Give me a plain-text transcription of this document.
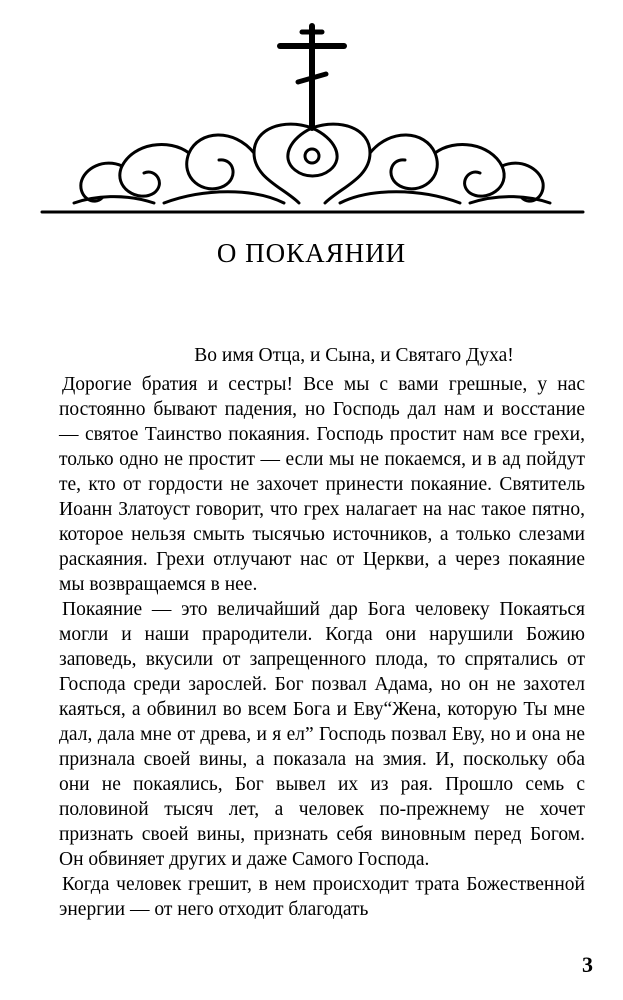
О ПОКАЯНИИ
Во имя Отца, и Сына, и Святаго Духа!

Дорогие братия и сестры! Все мы с вами грешные, у нас постоянно бывают падения, но Господь дал нам и восстание — святое Таинство покаяния. Господь простит нам все грехи, только одно не простит — если мы не покаемся, и в ад пойдут те, кто от гордости не захочет принести покаяние. Святитель Иоанн Златоуст говорит, что грех налагает на нас такое пятно, которое нельзя смыть тысячью источников, а только слезами раскаяния. Грехи отлучают нас от Церкви, а через покаяние мы возвращаемся в нее.

Покаяние — это величайший дар Бога человеку Покаяться могли и наши прародители. Когда они нарушили Божию заповедь, вкусили от запрещенного плода, то спрятались от Господа среди зарослей. Бог позвал Адама, но он не захотел каяться, а обвинил во всем Бога и Еву“Жена, которую Ты мне дал, дала мне от древа, и я ел” Господь позвал Еву, но и она не признала своей вины, а показала на змия. И, поскольку оба они не покаялись, Бог вывел их из рая. Прошло семь с половиной тысяч лет, а человек по-прежнему не хочет признать своей вины, признать себя виновным перед Богом. Он обвиняет других и даже Самого Господа.

Когда человек грешит, в нем происходит трата Божественной энергии — от него отходит благодать

3
